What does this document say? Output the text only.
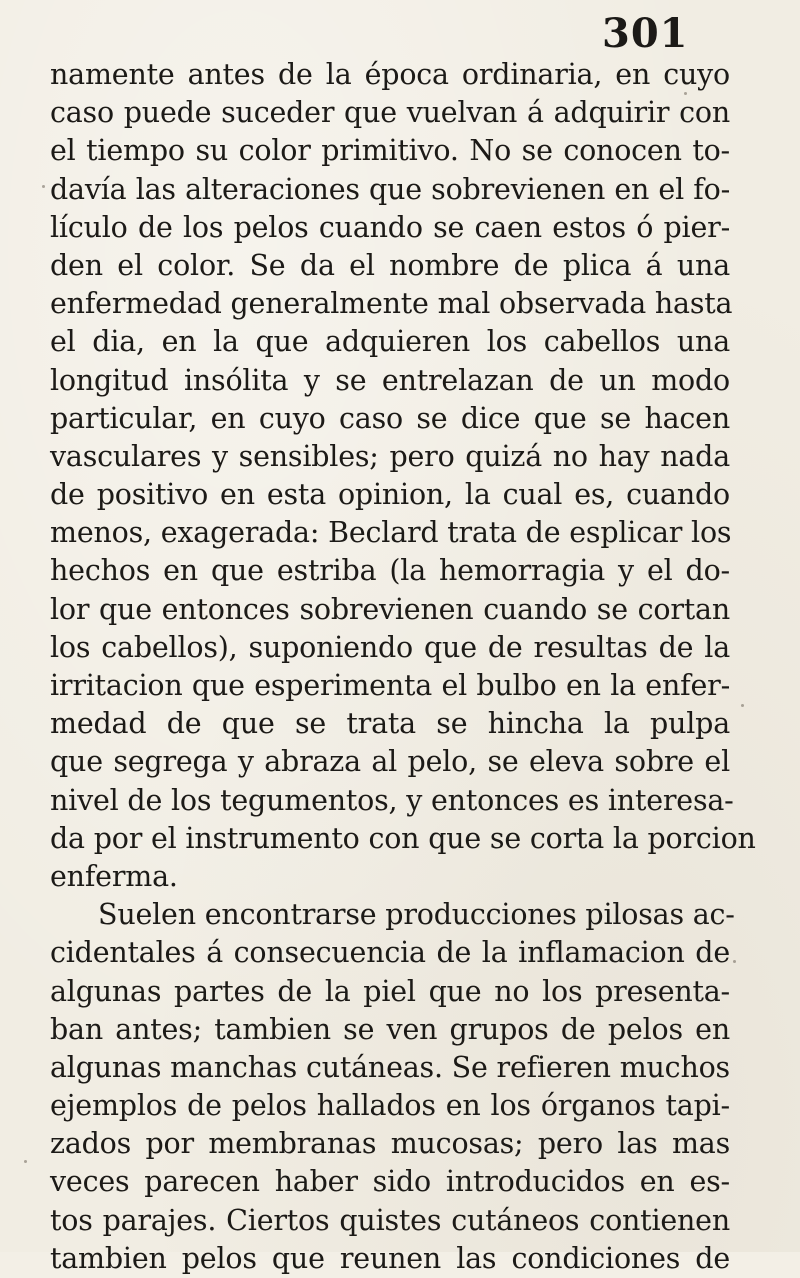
301
namente antes de la época ordinaria, en cuyo
caso puede suceder que vuelvan á adquirir con
el tiempo su color primitivo. No se conocen to-
davía las alteraciones que sobrevienen en el fo-
lículo de los pelos cuando se caen estos ó pier-
den el color. Se da el nombre de plica á una
enfermedad generalmente mal observada hasta
el dia, en la que adquieren los cabellos una
longitud insólita y se entrelazan de un modo
particular, en cuyo caso se dice que se hacen
vasculares y sensibles; pero quizá no hay nada
de positivo en esta opinion, la cual es, cuando
menos, exagerada: Beclard trata de esplicar los
hechos en que estriba (la hemorragia y el do-
lor que entonces sobrevienen cuando se cortan
los cabellos), suponiendo que de resultas de la
irritacion que esperimenta el bulbo en la enfer-
medad de que se trata se hincha la pulpa
que segrega y abraza al pelo, se eleva sobre el
nivel de los tegumentos, y entonces es interesa-
da por el instrumento con que se corta la porcion
enferma.
Suelen encontrarse producciones pilosas ac-
cidentales á consecuencia de la inflamacion de
algunas partes de la piel que no los presenta-
ban antes; tambien se ven grupos de pelos en
algunas manchas cutáneas. Se refieren muchos
ejemplos de pelos hallados en los órganos tapi-
zados por membranas mucosas; pero las mas
veces parecen haber sido introducidos en es-
tos parajes. Ciertos quistes cutáneos contienen
tambien pelos que reunen las condiciones de
